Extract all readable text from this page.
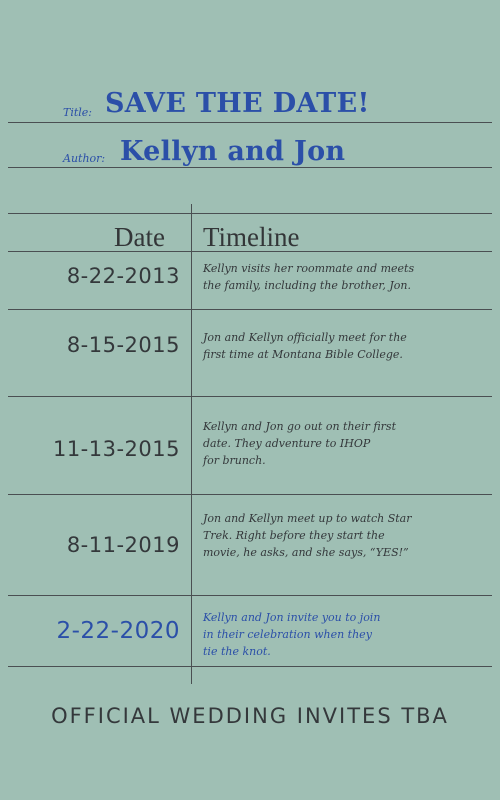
Title: SAVE THE DATE!
Author: Kellyn and Jon
Date Timeline
8-22-2013 Kellyn visits her roommate and meets
the family, including the brother, Jon.
8-15-2015 Jon and Kellyn officially meet for the
first time at Montana Bible College.
11-13-2015
Kellyn and Jon go out on their first
date. They adventure to IHOP
for brunch.
8-11-2019
Jon and Kellyn meet up to watch Star
Trek. Right before they start the
movie, he asks, and she says, “YES!”
2-22-2020
Kellyn and Jon invite you to join
in their celebration when they
tie the knot.
OFFICIAL WEDDING INVITES TBA
